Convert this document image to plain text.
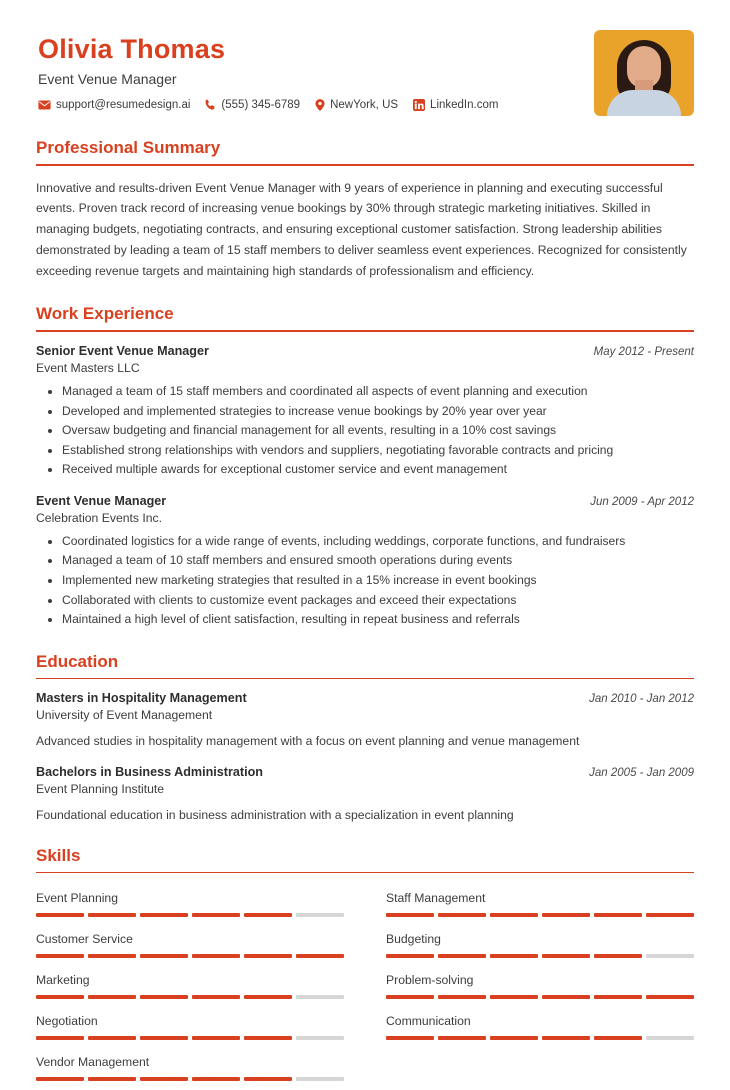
Olivia Thomas
Event Venue Manager
support@resumedesign.ai	(555) 345-6789	NewYork, US	LinkedIn.com
Professional Summary

Innovative and results-driven Event Venue Manager with 9 years of experience in planning and executing successful events. Proven track record of increasing venue bookings by 30% through strategic marketing initiatives. Skilled in managing budgets, negotiating contracts, and ensuring exceptional customer satisfaction. Strong leadership abilities demonstrated by leading a team of 15 staff members to deliver seamless event experiences. Recognized for consistently exceeding revenue targets and maintaining high standards of professionalism and efficiency.

Work Experience
Senior Event Venue Manager	May 2012 - Present
Event Masters LLC
• Managed a team of 15 staff members and coordinated all aspects of event planning and execution
• Developed and implemented strategies to increase venue bookings by 20% year over year
• Oversaw budgeting and financial management for all events, resulting in a 10% cost savings
• Established strong relationships with vendors and suppliers, negotiating favorable contracts and pricing
• Received multiple awards for exceptional customer service and event management
Event Venue Manager	Jun 2009 - Apr 2012
Celebration Events Inc.
• Coordinated logistics for a wide range of events, including weddings, corporate functions, and fundraisers
• Managed a team of 10 staff members and ensured smooth operations during events
• Implemented new marketing strategies that resulted in a 15% increase in event bookings
• Collaborated with clients to customize event packages and exceed their expectations
• Maintained a high level of client satisfaction, resulting in repeat business and referrals
Education
Masters in Hospitality Management	Jan 2010 - Jan 2012
University of Event Management
Advanced studies in hospitality management with a focus on event planning and venue management
Bachelors in Business Administration	Jan 2005 - Jan 2009
Event Planning Institute
Foundational education in business administration with a specialization in event planning
Skills
Event Planning	Staff Management
Customer Service	Budgeting
Marketing	Problem-solving
Negotiation	Communication
Vendor Management
